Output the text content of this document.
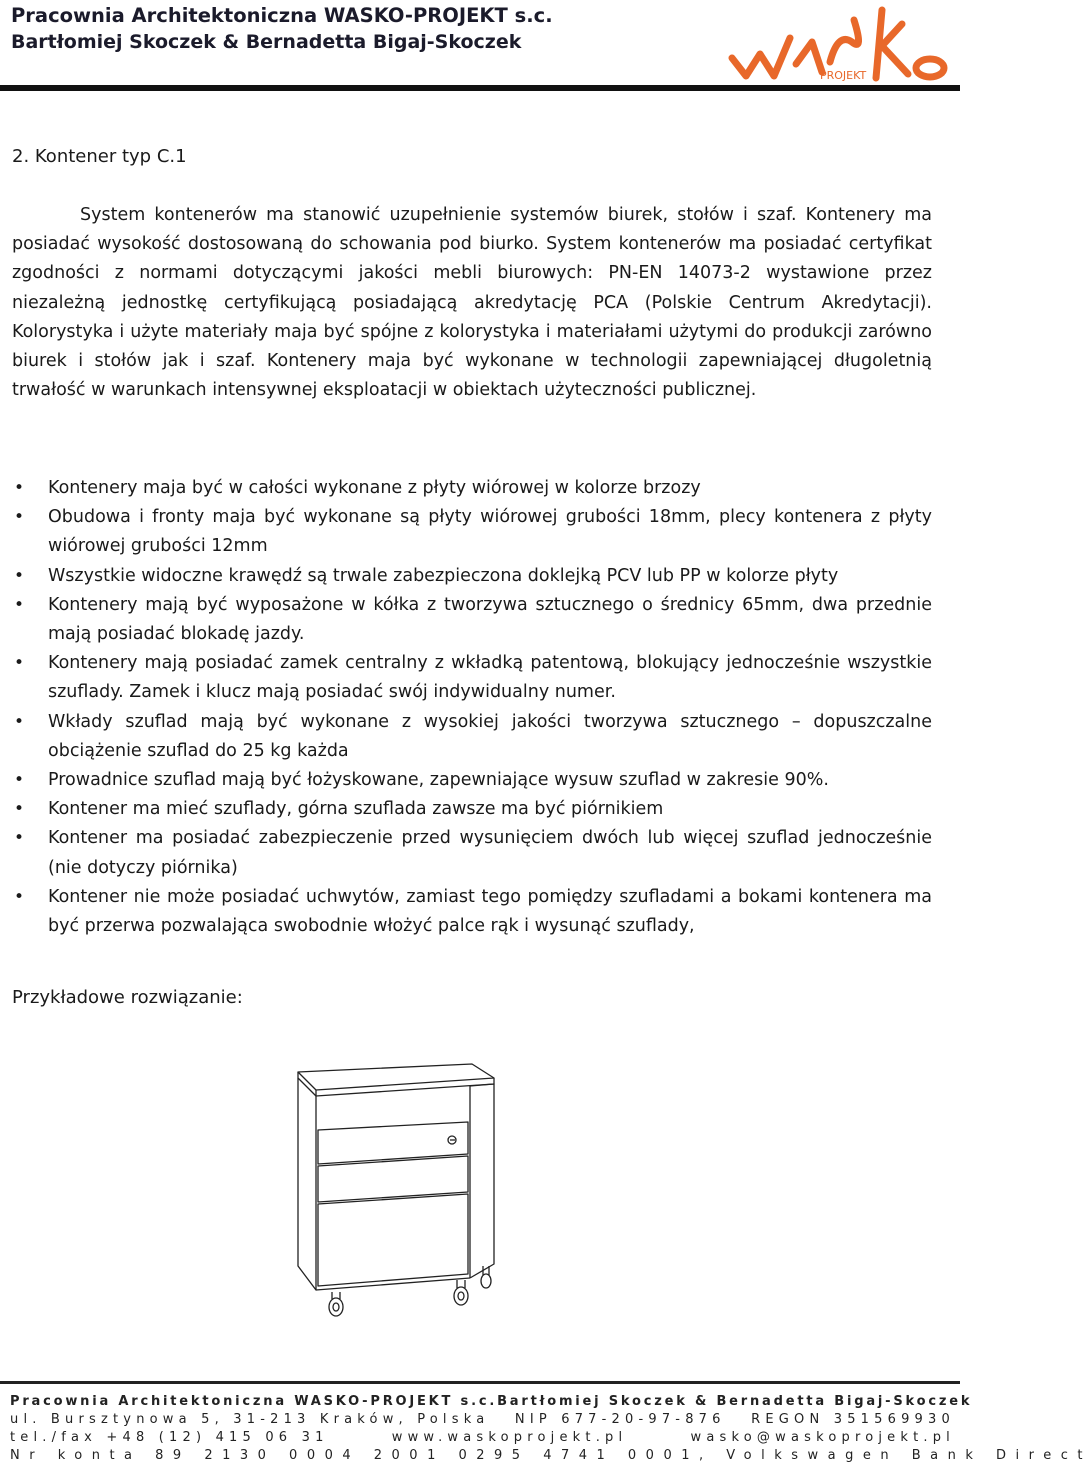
Pracownia Architektoniczna WASKO-PROJEKT s.c.
Bartłomiej Skoczek & Bernadetta Bigaj-Skoczek
PROJEKT
2. Kontener typ C.1

System kontenerów ma stanowić uzupełnienie systemów biurek, stołów i szaf. Kontenery ma posiadać wysokość dostosowaną do schowania pod biurko. System kontenerów ma posiadać certyfikat zgodności z normami dotyczącymi jakości mebli biurowych: PN-EN 14073-2 wystawione przez niezależną jednostkę certyfikującą posiadającą akredytację PCA (Polskie Centrum Akredytacji). Kolorystyka i użyte materiały maja być spójne z kolorystyka i materiałami użytymi do produkcji zarówno biurek i stołów jak i szaf. Kontenery maja być wykonane w technologii zapewniającej długoletnią trwałość w warunkach intensywnej eksploatacji w obiektach użyteczności publicznej.

• Kontenery maja być w całości wykonane z płyty wiórowej w kolorze brzozy
• Obudowa i fronty maja być wykonane są płyty wiórowej grubości 18mm, plecy kontenera z płyty wiórowej grubości 12mm
• Wszystkie widoczne krawędź są trwale zabezpieczona doklejką PCV lub PP w kolorze płyty
• Kontenery mają być wyposażone w kółka z tworzywa sztucznego o średnicy 65mm, dwa przednie mają posiadać blokadę jazdy.
• Kontenery mają posiadać zamek centralny z wkładką patentową, blokujący jednocześnie wszystkie szuflady. Zamek i klucz mają posiadać swój indywidualny numer.
• Wkłady szuflad mają być wykonane z wysokiej jakości tworzywa sztucznego – dopuszczalne obciążenie szuflad do 25 kg każda
• Prowadnice szuflad mają być łożyskowane, zapewniające wysuw szuflad w zakresie 90%.
• Kontener ma mieć szuflady, górna szuflada zawsze ma być piórnikiem
• Kontener ma posiadać zabezpieczenie przed wysunięciem dwóch lub więcej szuflad jednocześnie (nie dotyczy piórnika)
• Kontener nie może posiadać uchwytów, zamiast tego pomiędzy szufladami a bokami kontenera ma być przerwa pozwalająca swobodnie włożyć palce rąk i wysunąć szuflady,
Przykładowe rozwiązanie:
Pracownia Architektoniczna WASKO-PROJEKT s.c. Bartłomiej Skoczek & Bernadetta Bigaj-Skoczek
ul. Bursztynowa 5, 31-213 Kraków, Polska NIP 677-20-97-876 REGON 351569930
tel./fax +48 (12) 415 06 31	www.waskoprojekt.pl	wasko@waskoprojekt.pl
Nr konta 89 2130 0004 2001 0295 4741 0001, Volkswagen Bank Direct
